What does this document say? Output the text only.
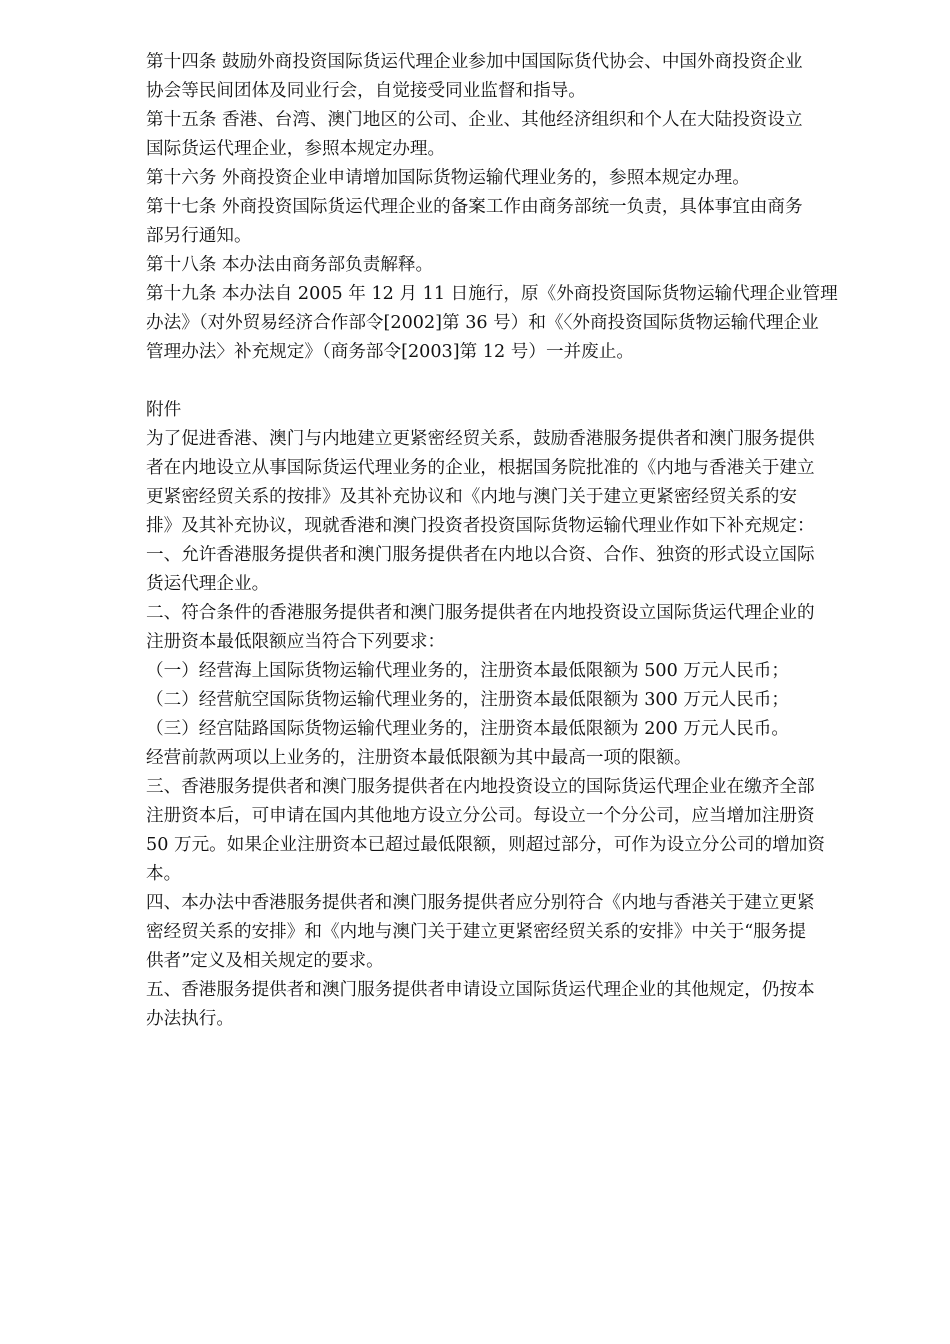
第十四条 鼓励外商投资国际货运代理企业参加中国国际货代协会、中国外商投资企业
协会等民间团体及同业行会，自觉接受同业监督和指导。
第十五条 香港、台湾、澳门地区的公司、企业、其他经济组织和个人在大陆投资设立
国际货运代理企业，参照本规定办理。
第十六务 外商投资企业申请增加国际货物运输代理业务的，参照本规定办理。
第十七条 外商投资国际货运代理企业的备案工作由商务部统一负责，具体事宜由商务
部另行通知。
第十八条 本办法由商务部负责解释。
第十九条 本办法自 2005 年 12 月 11 日施行，原《外商投资国际货物运输代理企业管理
办法》（对外贸易经济合作部令[2002]第 36 号）和《〈外商投资国际货物运输代理企业
管理办法〉补充规定》（商务部令[2003]第 12 号）一并废止。
附件
为了促进香港、澳门与内地建立更紧密经贸关系，鼓励香港服务提供者和澳门服务提供
者在内地设立从事国际货运代理业务的企业，根据国务院批准的《内地与香港关于建立
更紧密经贸关系的按排》及其补充协议和《内地与澳门关于建立更紧密经贸关系的安
排》及其补充协议，现就香港和澳门投资者投资国际货物运输代理业作如下补充规定：
一、允许香港服务提供者和澳门服务提供者在内地以合资、合作、独资的形式设立国际
货运代理企业。
二、符合条件的香港服务提供者和澳门服务提供者在内地投资设立国际货运代理企业的
注册资本最低限额应当符合下列要求：
（一）经营海上国际货物运输代理业务的，注册资本最低限额为 500 万元人民币；
（二）经营航空国际货物运输代理业务的，注册资本最低限额为 300 万元人民币；
（三）经宫陆路国际货物运输代理业务的，注册资本最低限额为 200 万元人民币。
经营前款两项以上业务的，注册资本最低限额为其中最高一项的限额。
三、香港服务提供者和澳门服务提供者在内地投资设立的国际货运代理企业在缴齐全部
注册资本后，可申请在国内其他地方设立分公司。每设立一个分公司，应当增加注册资
50 万元。如果企业注册资本已超过最低限额，则超过部分，可作为设立分公司的增加资
本。
四、本办法中香港服务提供者和澳门服务提供者应分别符合《内地与香港关于建立更紧
密经贸关系的安排》和《内地与澳门关于建立更紧密经贸关系的安排》中关于“服务提
供者”定义及相关规定的要求。
五、香港服务提供者和澳门服务提供者申请设立国际货运代理企业的其他规定，仍按本
办法执行。
